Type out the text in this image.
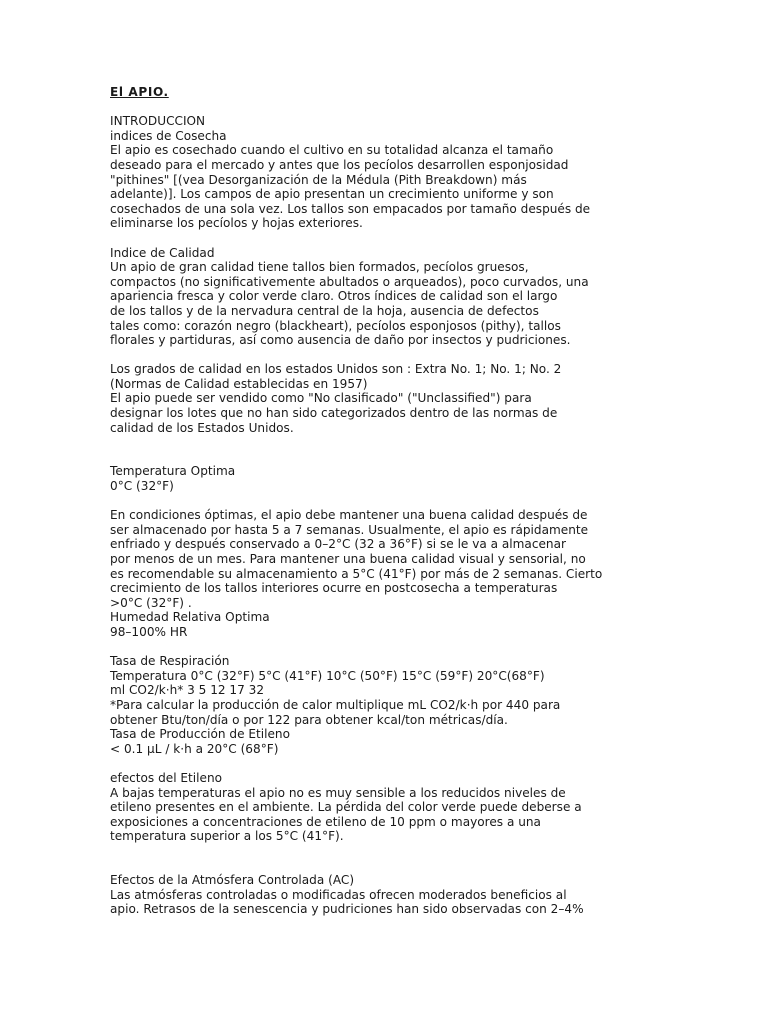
El APIO.
INTRODUCCION
indices de Cosecha
El apio es cosechado cuando el cultivo en su totalidad alcanza el tamaño
deseado para el mercado y antes que los pecíolos desarrollen esponjosidad
"pithines" [(vea Desorganización de la Médula (Pith Breakdown) más
adelante)]. Los campos de apio presentan un crecimiento uniforme y son
cosechados de una sola vez. Los tallos son empacados por tamaño después de
eliminarse los pecíolos y hojas exteriores.
Indice de Calidad
Un apio de gran calidad tiene tallos bien formados, pecíolos gruesos,
compactos (no significativemente abultados o arqueados), poco curvados, una
apariencia fresca y color verde claro. Otros índices de calidad son el largo
de los tallos y de la nervadura central de la hoja, ausencia de defectos
tales como: corazón negro (blackheart), pecíolos esponjosos (pithy), tallos
florales y partiduras, así como ausencia de daño por insectos y pudriciones.
Los grados de calidad en los estados Unidos son : Extra No. 1; No. 1; No. 2
(Normas de Calidad establecidas en 1957)
El apio puede ser vendido como "No clasificado" ("Unclassified") para
designar los lotes que no han sido categorizados dentro de las normas de
calidad de los Estados Unidos.
Temperatura Optima
0°C (32°F)
En condiciones óptimas, el apio debe mantener una buena calidad después de
ser almacenado por hasta 5 a 7 semanas. Usualmente, el apio es rápidamente
enfriado y después conservado a 0–2°C (32 a 36°F) si se le va a almacenar
por menos de un mes. Para mantener una buena calidad visual y sensorial, no
es recomendable su almacenamiento a 5°C (41°F) por más de 2 semanas. Cierto
crecimiento de los tallos interiores ocurre en postcosecha a temperaturas
>0°C (32°F) .
Humedad Relativa Optima
98–100% HR
Tasa de Respiración
Temperatura 0°C (32°F) 5°C (41°F) 10°C (50°F) 15°C (59°F) 20°C(68°F)
ml CO2/k·h* 3 5 12 17 32
*Para calcular la producción de calor multiplique mL CO2/k·h por 440 para
obtener Btu/ton/día o por 122 para obtener kcal/ton métricas/día.
Tasa de Producción de Etileno
< 0.1 µL / k·h a 20°C (68°F)
efectos del Etileno
A bajas temperaturas el apio no es muy sensible a los reducidos niveles de
etileno presentes en el ambiente. La pérdida del color verde puede deberse a
exposiciones a concentraciones de etileno de 10 ppm o mayores a una
temperatura superior a los 5°C (41°F).
Efectos de la Atmósfera Controlada (AC)
Las atmósferas controladas o modificadas ofrecen moderados beneficios al
apio. Retrasos de la senescencia y pudriciones han sido observadas con 2–4%
